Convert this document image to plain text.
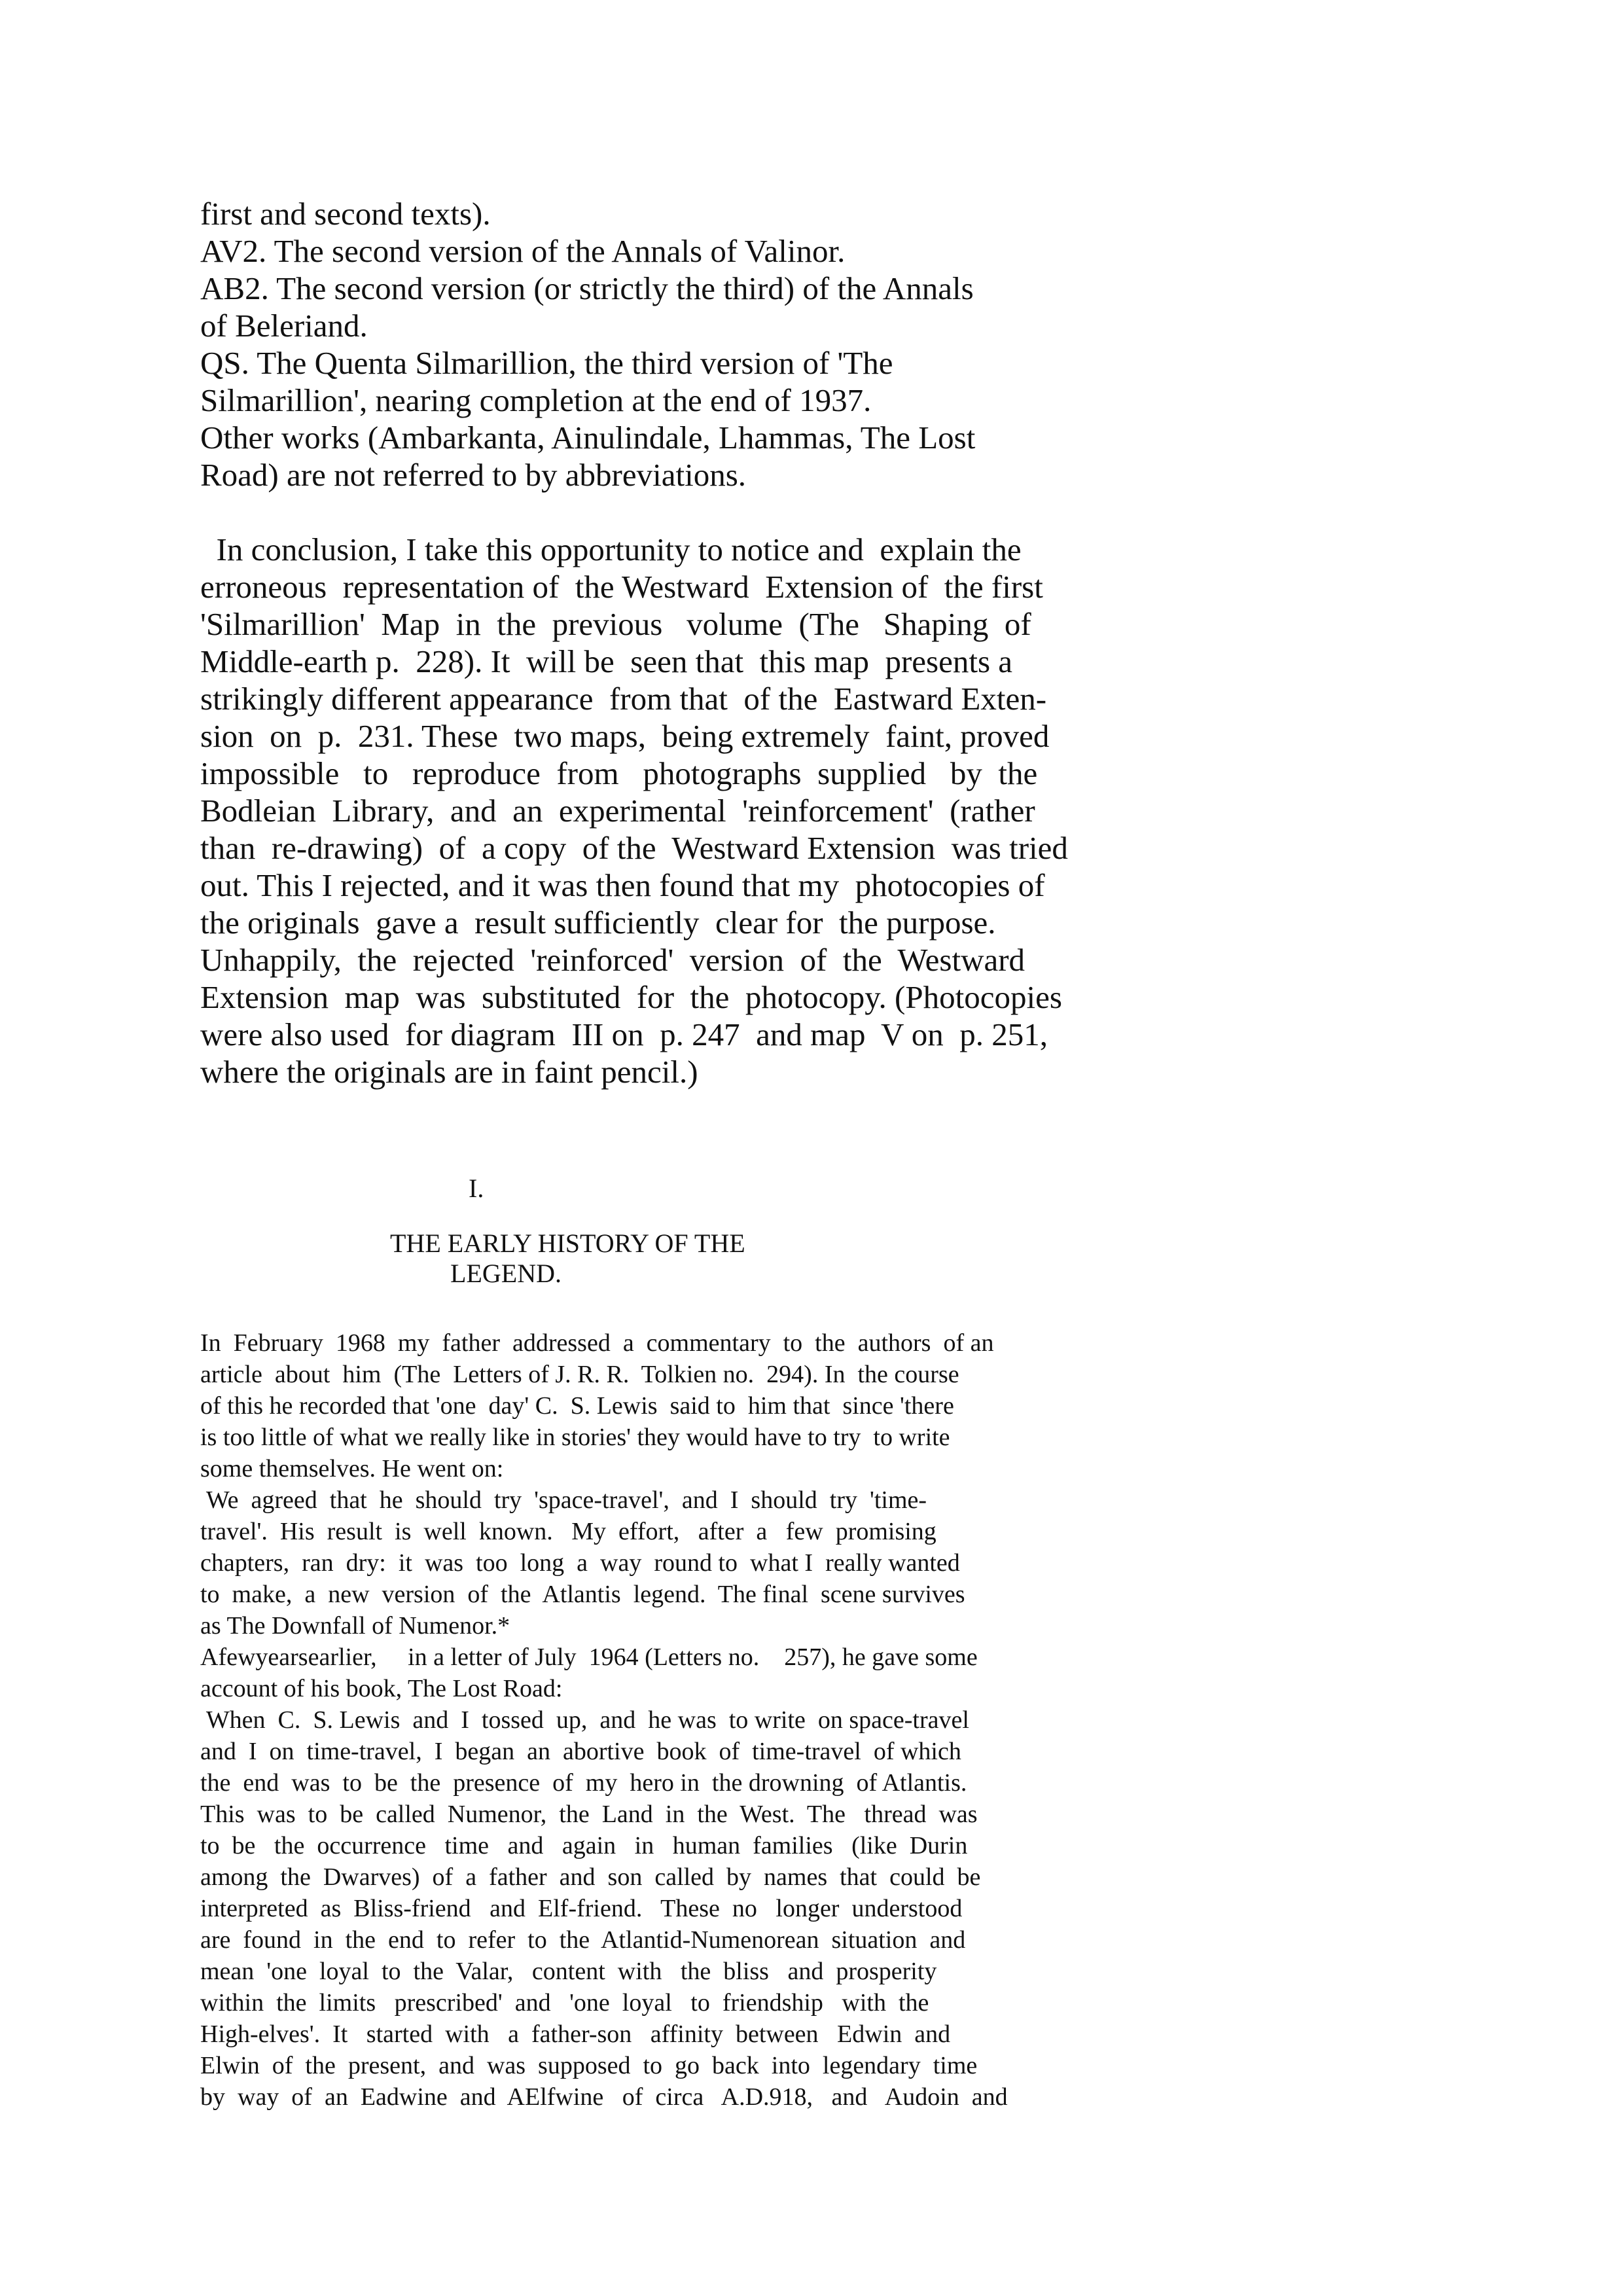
first and second texts).

AV2. The second version of the Annals of Valinor.

AB2. The second version (or strictly the third) of the Annals

of Beleriand.

QS. The Quenta Silmarillion, the third version of 'The

Silmarillion', nearing completion at the end of 1937.

Other works (Ambarkanta, Ainulindale, Lhammas, The Lost

Road) are not referred to by abbreviations.

In conclusion, I take this opportunity to notice and  explain the

erroneous  representation of  the Westward  Extension of  the first

'Silmarillion'  Map  in  the  previous   volume  (The   Shaping  of

Middle-earth p.  228). It  will be  seen that  this map  presents a

strikingly different appearance  from that  of the  Eastward Exten-

sion  on  p.  231. These  two maps,  being extremely  faint, proved

impossible   to   reproduce  from   photographs  supplied   by  the

Bodleian  Library,  and  an  experimental  'reinforcement'  (rather

than  re-drawing)  of  a copy  of the  Westward Extension  was tried

out. This I rejected, and it was then found that my  photocopies of

the originals  gave a  result sufficiently  clear for  the purpose.

Unhappily,  the  rejected  'reinforced'  version  of  the  Westward

Extension  map  was  substituted  for  the  photocopy. (Photocopies

were also used  for diagram  III on  p. 247  and map  V on  p. 251,

where the originals are in faint pencil.)

I.

THE EARLY HISTORY OF THE

LEGEND.

In  February  1968  my  father  addressed  a  commentary  to  the  authors  of an

article  about  him  (The  Letters of J. R. R.  Tolkien no.  294). In  the course

of this he recorded that 'one  day' C.  S. Lewis  said to  him that  since 'there

is too little of what we really like in stories' they would have to try  to write

some themselves. He went on:

We  agreed  that  he  should  try  'space-travel',  and  I  should  try  'time-

travel'.  His  result  is  well  known.   My  effort,   after  a   few  promising

chapters,  ran  dry:  it  was  too  long  a  way  round to  what I  really wanted

to  make,  a  new  version  of  the  Atlantis  legend.  The final  scene survives

as The Downfall of Numenor.*

Afewyearsearlier,     in a letter of July  1964 (Letters no.    257), he gave some

account of his book, The Lost Road:

When  C.  S. Lewis  and  I  tossed  up,  and  he was  to write  on space-travel

and  I  on  time-travel,  I  began  an  abortive  book  of  time-travel  of which

the  end  was  to  be  the  presence  of  my  hero in  the drowning  of Atlantis.

This  was  to  be  called  Numenor,  the  Land  in  the  West.  The   thread  was

to  be   the  occurrence   time   and   again   in   human  families   (like  Durin

among  the  Dwarves)  of  a  father  and  son  called  by  names  that  could  be

interpreted  as  Bliss-friend   and  Elf-friend.   These  no   longer  understood

are  found  in  the  end  to  refer  to  the  Atlantid-Numenorean  situation  and

mean  'one  loyal  to  the  Valar,   content  with   the  bliss   and  prosperity

within  the  limits   prescribed'  and   'one  loyal   to  friendship   with  the

High-elves'.  It   started  with   a  father-son   affinity  between   Edwin  and

Elwin  of  the  present,  and  was  supposed  to  go  back  into  legendary  time

by  way  of  an  Eadwine  and  AElfwine   of  circa   A.D.918,   and   Audoin  and
